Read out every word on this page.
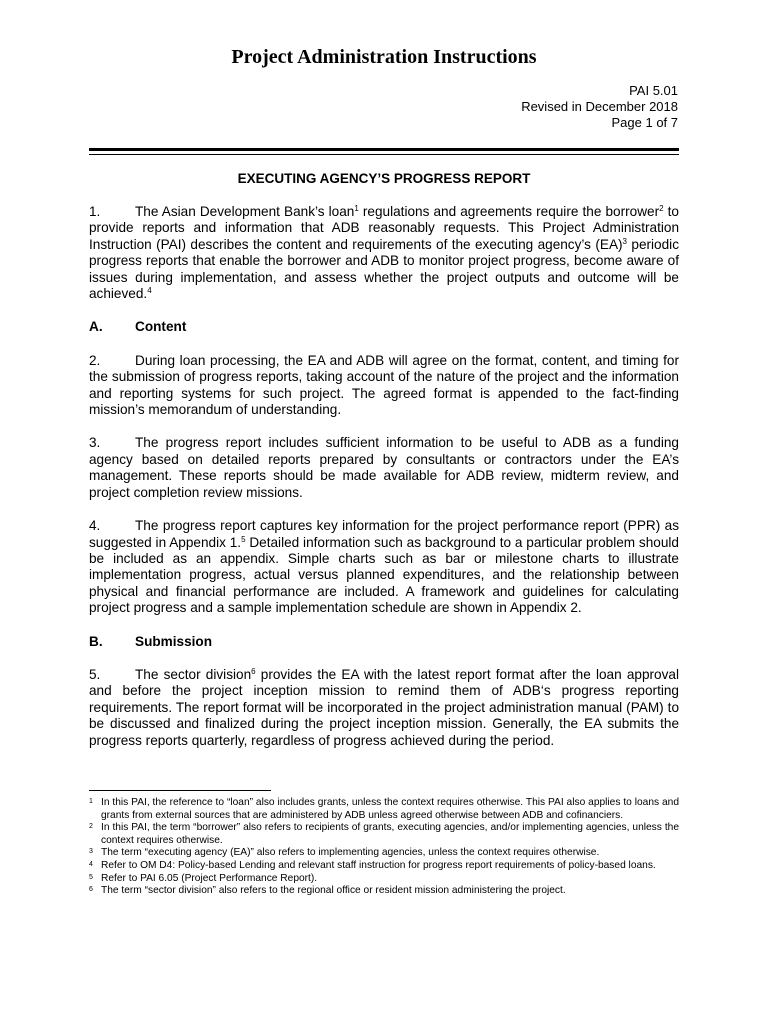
Project Administration Instructions
PAI 5.01
Revised in December 2018
Page 1 of 7
EXECUTING AGENCY’S PROGRESS REPORT

1.	The Asian Development Bank’s loan$^1$ regulations and agreements require the borrower$^2$ to provide reports and information that ADB reasonably requests. This Project Administration Instruction (PAI) describes the content and requirements of the executing agency’s (EA)$^3$ periodic progress reports that enable the borrower and ADB to monitor project progress, become aware of issues during implementation, and assess whether the project outputs and outcome will be achieved.$^4$

A. Content

2.	During loan processing, the EA and ADB will agree on the format, content, and timing for the submission of progress reports, taking account of the nature of the project and the information and reporting systems for such project. The agreed format is appended to the fact-finding mission’s memorandum of understanding.

3.	The progress report includes sufficient information to be useful to ADB as a funding agency based on detailed reports prepared by consultants or contractors under the EA’s management. These reports should be made available for ADB review, midterm review, and project completion review missions.

4.	The progress report captures key information for the project performance report (PPR) as suggested in Appendix 1.$^5$ Detailed information such as background to a particular problem should be included as an appendix. Simple charts such as bar or milestone charts to illustrate implementation progress, actual versus planned expenditures, and the relationship between physical and financial performance are included. A framework and guidelines for calculating project progress and a sample implementation schedule are shown in Appendix 2.

B. Submission

5.	The sector division$^6$ provides the EA with the latest report format after the loan approval and before the project inception mission to remind them of ADB‘s progress reporting requirements. The report format will be incorporated in the project administration manual (PAM) to be discussed and finalized during the project inception mission. Generally, the EA submits the progress reports quarterly, regardless of progress achieved during the period.

1 In this PAI, the reference to “loan” also includes grants, unless the context requires otherwise. This PAI also applies to loans and grants from external sources that are administered by ADB unless agreed otherwise between ADB and cofinanciers.
2 In this PAI, the term “borrower” also refers to recipients of grants, executing agencies, and/or implementing agencies, unless the context requires otherwise.
3 The term “executing agency (EA)” also refers to implementing agencies, unless the context requires otherwise.
4 Refer to OM D4: Policy-based Lending and relevant staff instruction for progress report requirements of policy-based loans.
5 Refer to PAI 6.05 (Project Performance Report).
6 The term “sector division” also refers to the regional office or resident mission administering the project.
